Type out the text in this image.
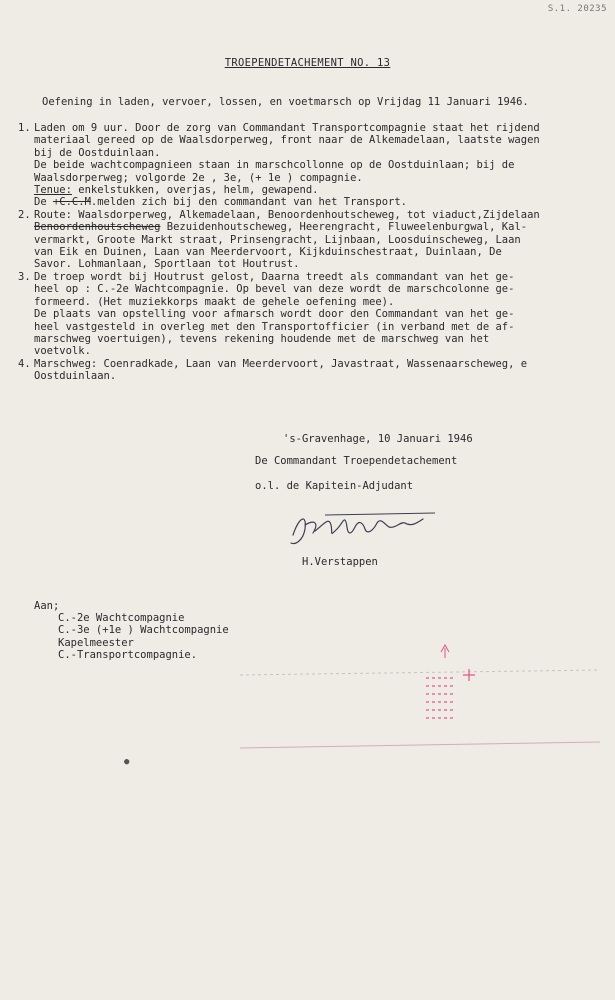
S.1. 20235
TROEPENDETACHEMENT NO. 13
Oefening in laden, vervoer, lossen, en voetmarsch op Vrijdag 11 Januari 1946.
1. Laden om 9 uur. Door de zorg van Commandant Transportcompagnie staat het rijdend
materiaal gereed op de Waalsdorperweg, front naar de Alkemadelaan, laatste wagen
bij de Oostduinlaan.
De beide wachtcompagnieen staan in marschcollonne op de Oostduinlaan; bij de
Waalsdorperweg; volgorde 2e , 3e, (+ 1e ) compagnie.
Tenue: enkelstukken, overjas, helm, gewapend.
De +C.C.M.melden zich bij den commandant van het Transport.
2. Route: Waalsdorperweg, Alkemadelaan, Benoordenhoutscheweg, tot viaduct,Zijdelaan
Benoordenhoutscheweg Bezuidenhoutscheweg, Heerengracht, Fluweelenburgwal, Kal-
vermarkt, Groote Markt straat, Prinsengracht, Lijnbaan, Loosduinscheweg, Laan
van Eik en Duinen, Laan van Meerdervoort, Kijkduinschestraat, Duinlaan, De
Savor. Lohmanlaan, Sportlaan tot Houtrust.
3. De troep wordt bij Houtrust gelost, Daarna treedt als commandant van het ge-
heel op : C.-2e Wachtcompagnie. Op bevel van deze wordt de marschcolonne ge-
formeerd. (Het muziekkorps maakt de gehele oefening mee).
De plaats van opstelling voor afmarsch wordt door den Commandant van het ge-
heel vastgesteld in overleg met den Transportofficier (in verband met de af-
marschweg voertuigen), tevens rekening houdende met de marschweg van het
voetvolk.
4. Marschweg: Coenradkade, Laan van Meerdervoort, Javastraat, Wassenaarscheweg, e
Oostduinlaan.
's-Gravenhage, 10 Januari 1946
De Commandant Troependetachement
o.l. de Kapitein-Adjudant
H.Verstappen
Aan;
C.-2e Wachtcompagnie
C.-3e (+1e ) Wachtcompagnie
Kapelmeester
C.-Transportcompagnie.
●
